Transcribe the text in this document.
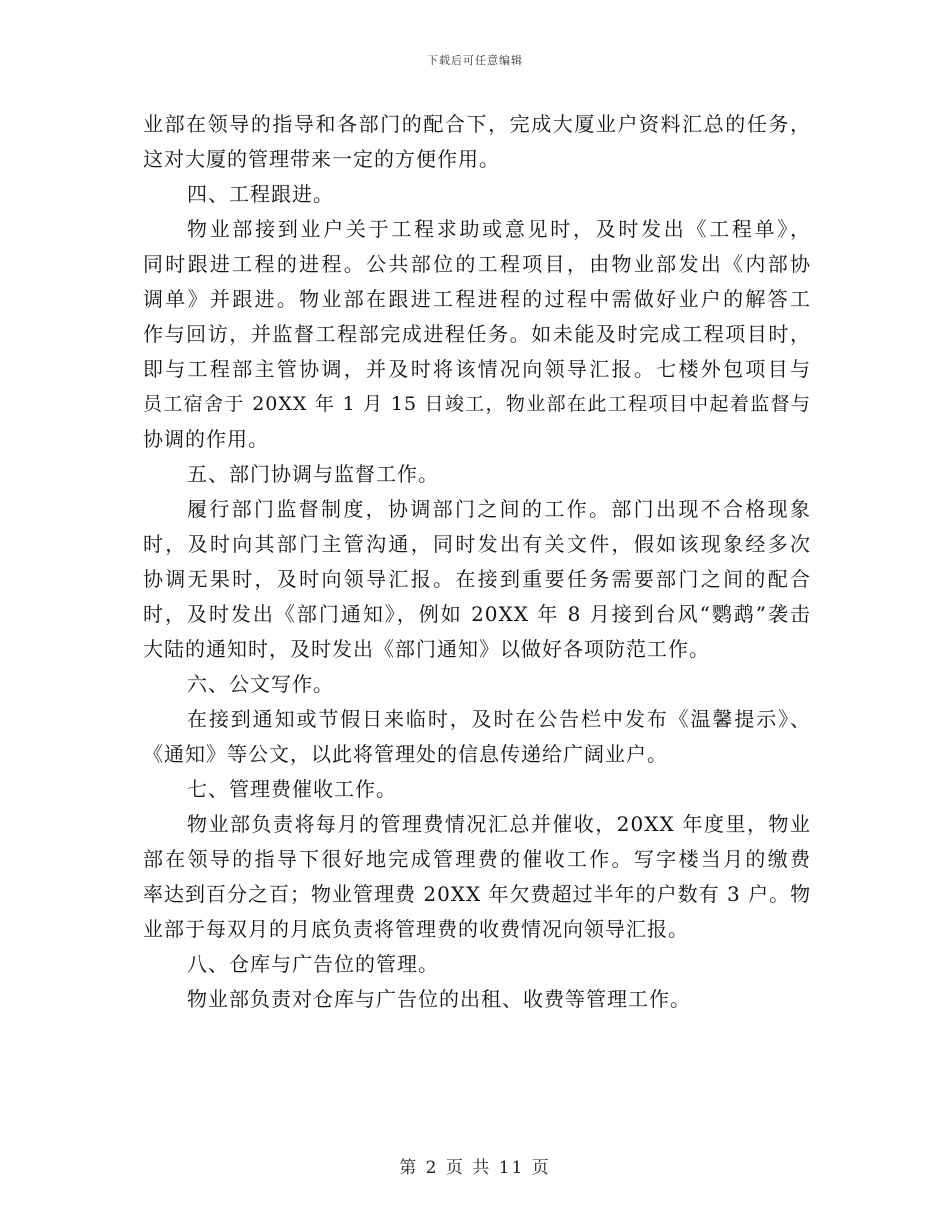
下载后可任意编辑
业部在领导的指导和各部门的配合下，完成大厦业户资料汇总的任务，
这对大厦的管理带来一定的方便作用。
四、工程跟进。
物业部接到业户关于工程求助或意见时，及时发出《工程单》，
同时跟进工程的进程。公共部位的工程项目，由物业部发出《内部协
调单》并跟进。物业部在跟进工程进程的过程中需做好业户的解答工
作与回访，并监督工程部完成进程任务。如未能及时完成工程项目时，
即与工程部主管协调，并及时将该情况向领导汇报。七楼外包项目与
员工宿舍于 20XX 年 1 月 15 日竣工，物业部在此工程项目中起着监督与
协调的作用。
五、部门协调与监督工作。
履行部门监督制度，协调部门之间的工作。部门出现不合格现象
时，及时向其部门主管沟通，同时发出有关文件，假如该现象经多次
协调无果时，及时向领导汇报。在接到重要任务需要部门之间的配合
时，及时发出《部门通知》，例如 20XX 年 8 月接到台风“鹦鹉”袭击
大陆的通知时，及时发出《部门通知》以做好各项防范工作。
六、公文写作。
在接到通知或节假日来临时，及时在公告栏中发布《温馨提示》、
《通知》等公文，以此将管理处的信息传递给广阔业户。
七、管理费催收工作。
物业部负责将每月的管理费情况汇总并催收，20XX 年度里，物业
部在领导的指导下很好地完成管理费的催收工作。写字楼当月的缴费
率达到百分之百；物业管理费 20XX 年欠费超过半年的户数有 3 户。物
业部于每双月的月底负责将管理费的收费情况向领导汇报。
八、仓库与广告位的管理。
物业部负责对仓库与广告位的出租、收费等管理工作。
第 2 页 共 11 页
